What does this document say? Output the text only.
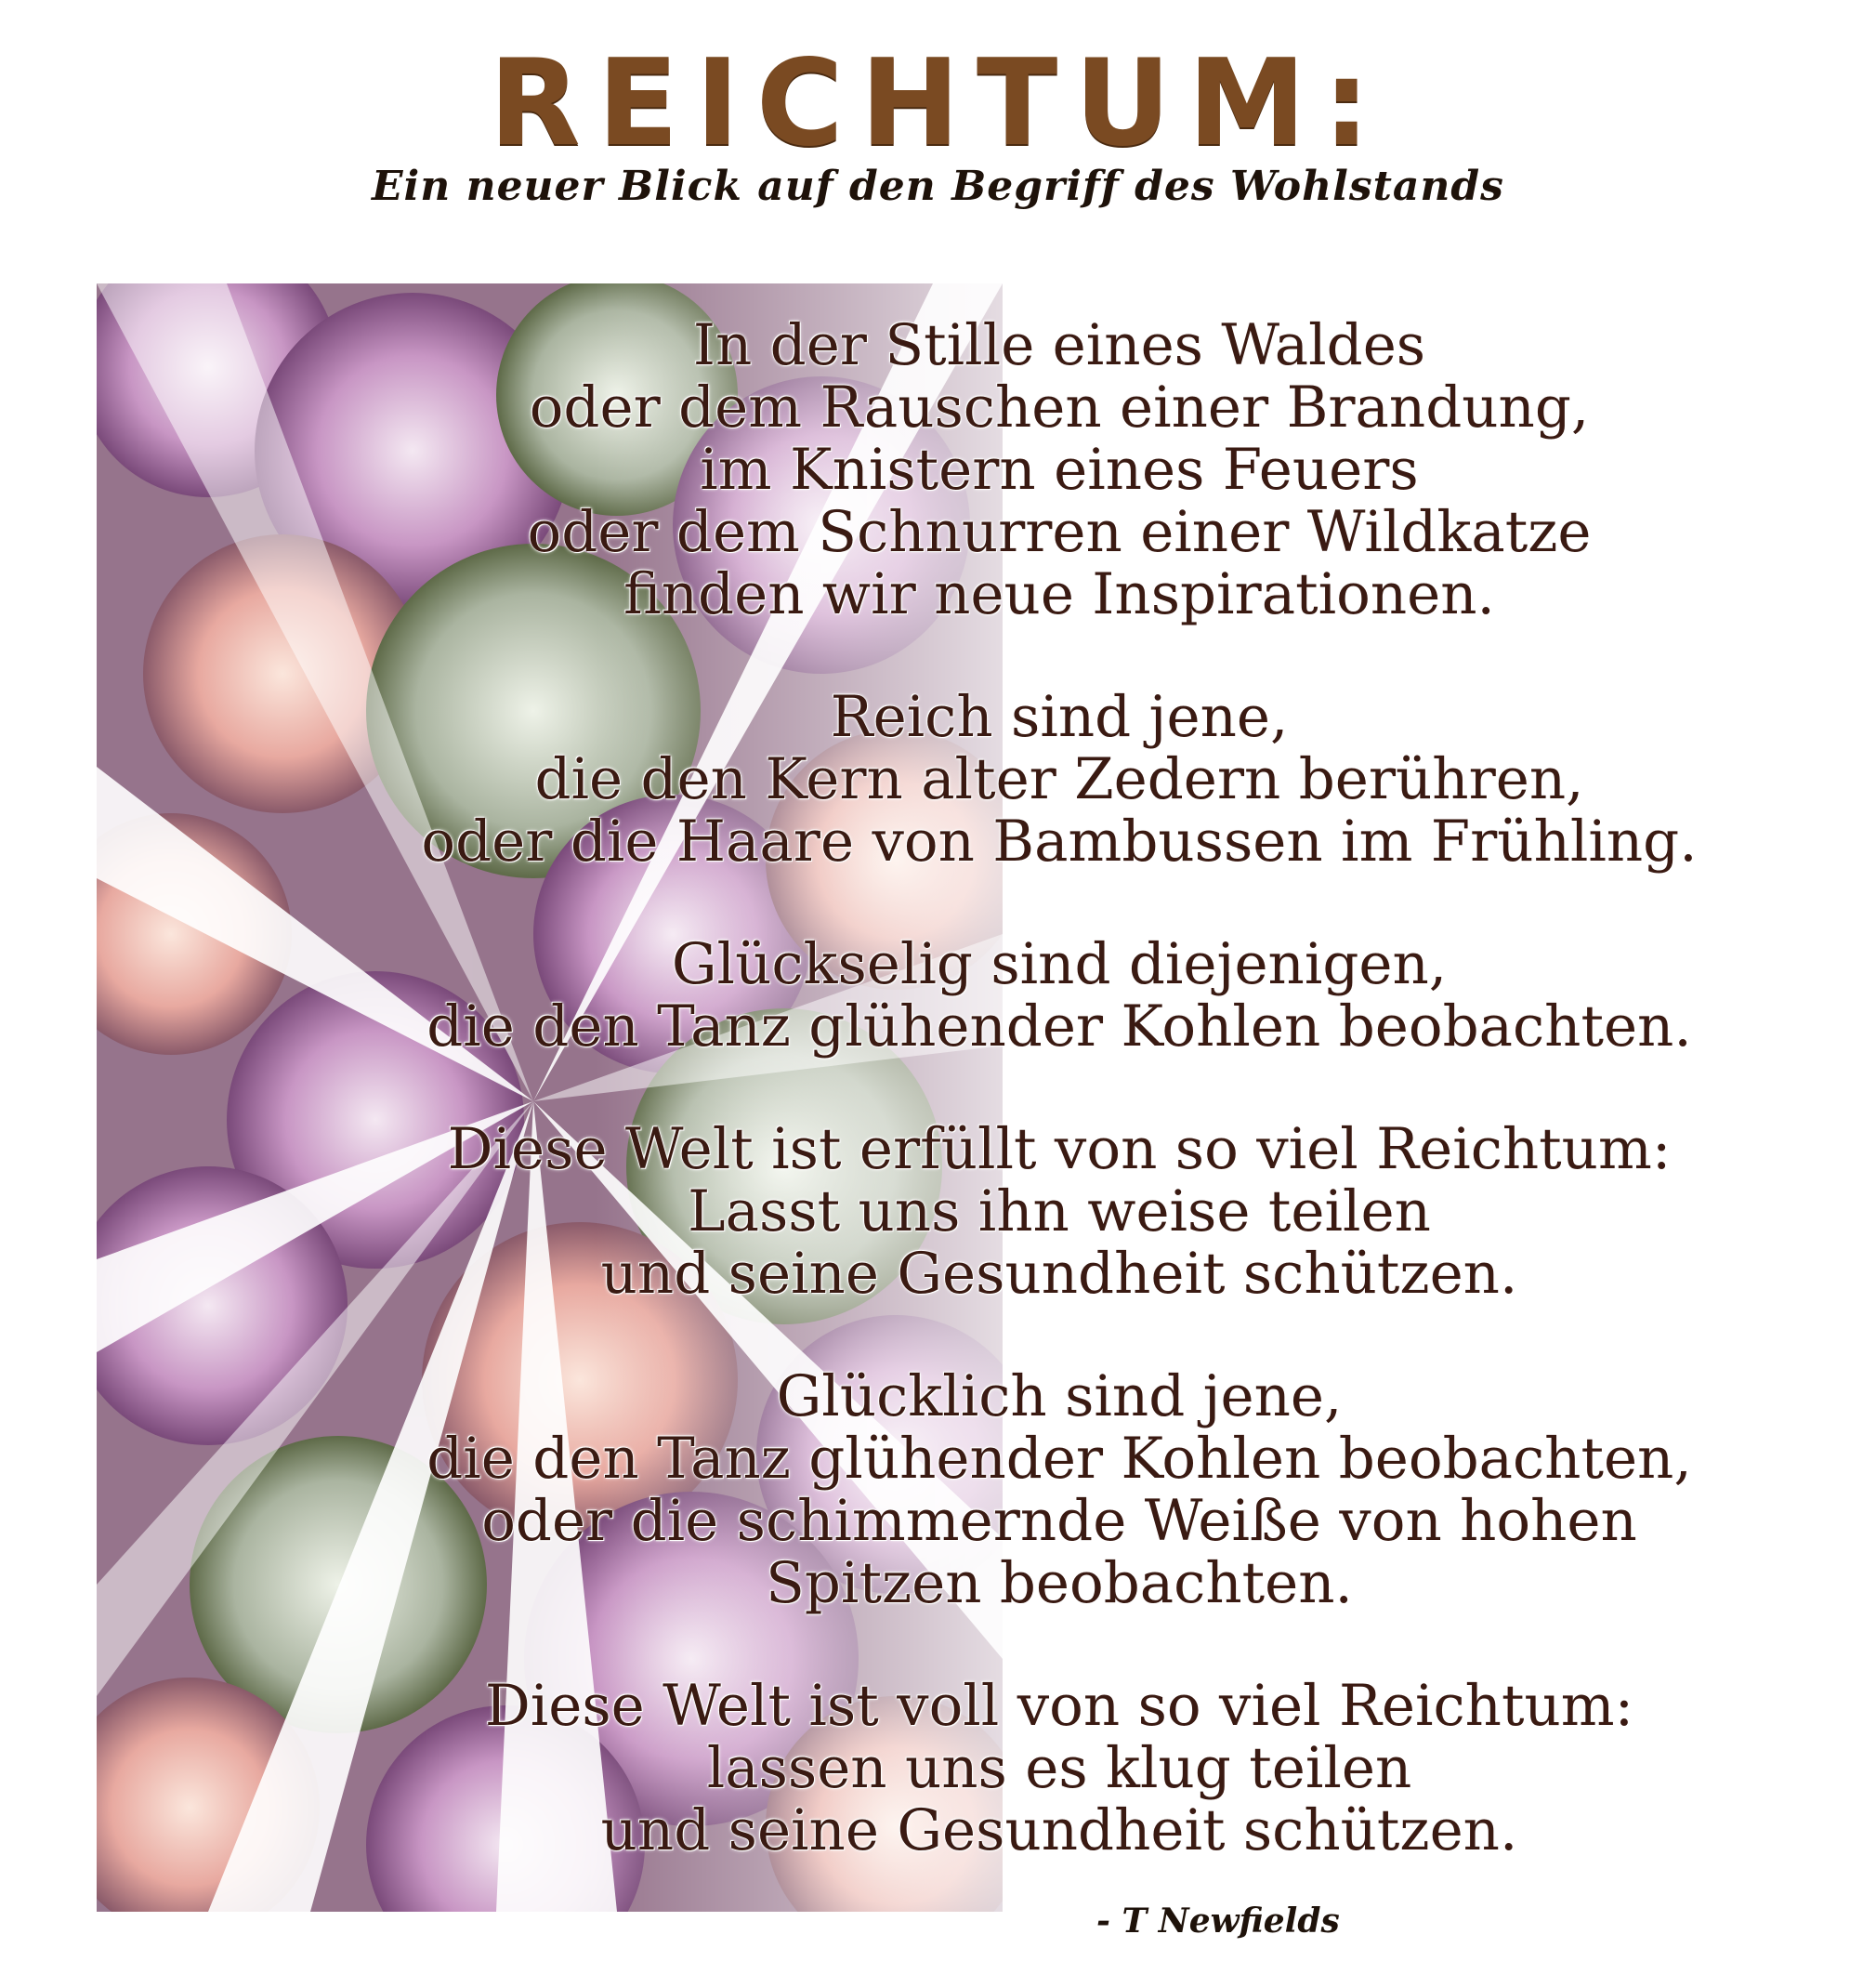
REICHTUM:
Ein neuer Blick auf den Begriff des Wohlstands
In der Stille eines Waldes
oder dem Rauschen einer Brandung,
im Knistern eines Feuers
oder dem Schnurren einer Wildkatze
finden wir neue Inspirationen.
Reich sind jene,
die den Kern alter Zedern berühren,
oder die Haare von Bambussen im Frühling.
Glückselig sind diejenigen,
die den Tanz glühender Kohlen beobachten.
Diese Welt ist erfüllt von so viel Reichtum:
Lasst uns ihn weise teilen
und seine Gesundheit schützen.
Glücklich sind jene,
die den Tanz glühender Kohlen beobachten,
oder die schimmernde Weiße von hohen
Spitzen beobachten.
Diese Welt ist voll von so viel Reichtum:
lassen uns es klug teilen
und seine Gesundheit schützen.
- T Newfields
